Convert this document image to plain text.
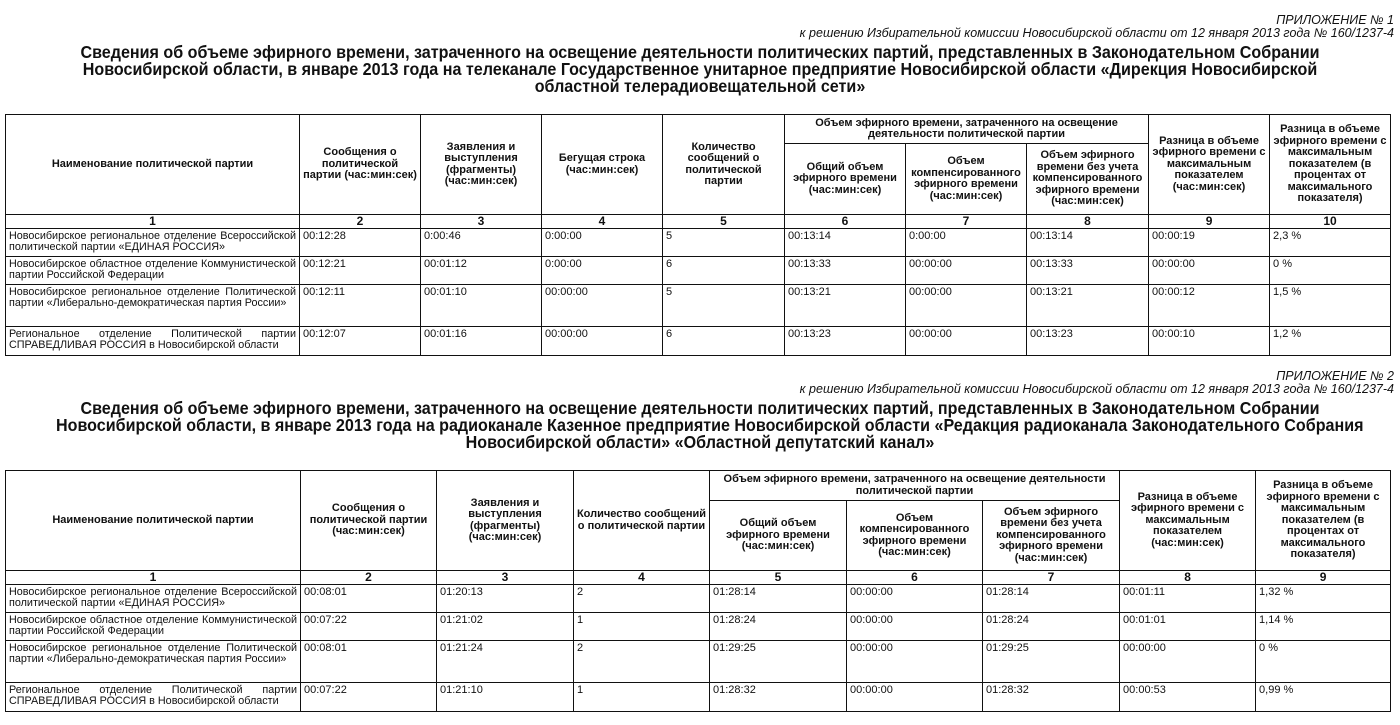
ПРИЛОЖЕНИЕ № 1
к решению Избирательной комиссии Новосибирской области от 12 января 2013 года № 160/1237-4
Сведения об объеме эфирного времени, затраченного на освещение деятельности политических партий, представленных в Законодательном Собрании
Новосибирской области, в январе 2013 года на телеканале Государственное унитарное предприятие Новосибирской области «Дирекция Новосибирской
областной телерадиовещательной сети»
Наименование политической партии	Сообщения о политической партии (час:мин:сек)	Заявления и выступления (фрагменты) (час:мин:сек)	Бегущая строка (час:мин:сек)	Количество сообщений о политической партии	Объем эфирного времени, затраченного на освещение деятельности политической партии			Разница в объеме эфирного времени с максимальным показателем (час:мин:сек)	Разница в объеме эфирного времени с максимальным показателем (в процентах от максимального показателя)
					Общий объем эфирного времени (час:мин:сек)	Объем компенсированного эфирного времени (час:мин:сек)	Объем эфирного времени без учета компенсированного эфирного времени (час:мин:сек)		
1	2	3	4	5	6	7	8	9	10
Новосибирское региональное отделение Всероссийской политической партии «ЕДИНАЯ РОССИЯ»	00:12:28	0:00:46	0:00:00	5	00:13:14	0:00:00	00:13:14	00:00:19	2,3 %
Новосибирское областное отделение Коммунистической партии Российской Федерации	00:12:21	00:01:12	0:00:00	6	00:13:33	00:00:00	00:13:33	00:00:00	0 %
Новосибирское региональное отделение Политической партии «Либерально-демократическая партия России»	00:12:11	00:01:10	00:00:00	5	00:13:21	00:00:00	00:13:21	00:00:12	1,5 %
Региональное отделение Политической партии СПРАВЕДЛИВАЯ РОССИЯ в Новосибирской области	00:12:07	00:01:16	00:00:00	6	00:13:23	00:00:00	00:13:23	00:00:10	1,2 %
ПРИЛОЖЕНИЕ № 2
к решению Избирательной комиссии Новосибирской области от 12 января 2013 года № 160/1237-4
Сведения об объеме эфирного времени, затраченного на освещение деятельности политических партий, представленных в Законодательном Собрании
Новосибирской области, в январе 2013 года на радиоканале Казенное предприятие Новосибирской области «Редакция радиоканала Законодательного Собрания
Новосибирской области» «Областной депутатский канал»
Наименование политической партии	Сообщения о политической партии (час:мин:сек)	Заявления и выступления (фрагменты) (час:мин:сек)	Количество сообщений о политической партии	Объем эфирного времени, затраченного на освещение деятельности политической партии			Разница в объеме эфирного времени с максимальным показателем (час:мин:сек)	Разница в объеме эфирного времени с максимальным показателем (в процентах от максимального показателя)
				Общий объем эфирного времени (час:мин:сек)	Объем компенсированного эфирного времени (час:мин:сек)	Объем эфирного времени без учета компенсированного эфирного времени (час:мин:сек)		
1	2	3	4	5	6	7	8	9
Новосибирское региональное отделение Всероссийской политической партии «ЕДИНАЯ РОССИЯ»	00:08:01	01:20:13	2	01:28:14	00:00:00	01:28:14	00:01:11	1,32 %
Новосибирское областное отделение Коммунистической партии Российской Федерации	00:07:22	01:21:02	1	01:28:24	00:00:00	01:28:24	00:01:01	1,14 %
Новосибирское региональное отделение Политической партии «Либерально-демократическая партия России»	00:08:01	01:21:24	2	01:29:25	00:00:00	01:29:25	00:00:00	0 %
Региональное отделение Политической партии СПРАВЕДЛИВАЯ РОССИЯ в Новосибирской области	00:07:22	01:21:10	1	01:28:32	00:00:00	01:28:32	00:00:53	0,99 %
